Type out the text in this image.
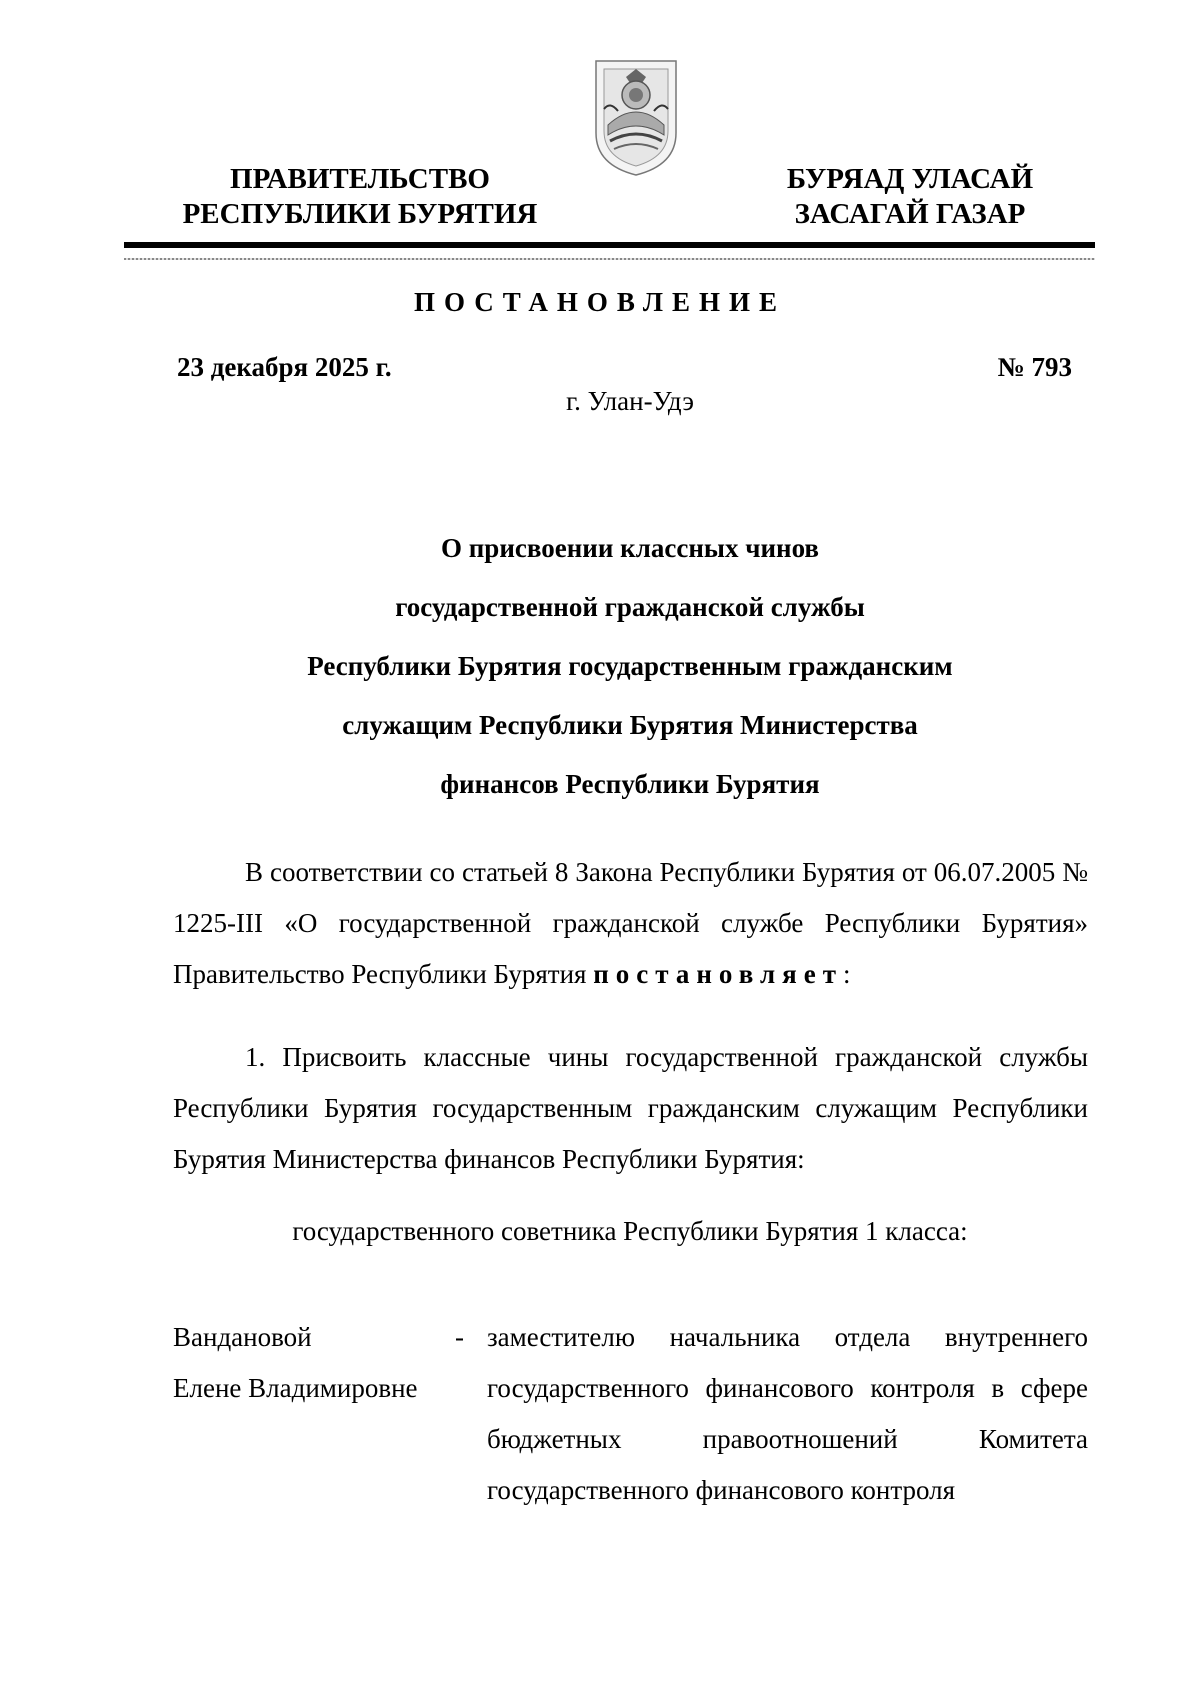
ПРАВИТЕЛЬСТВО
РЕСПУБЛИКИ БУРЯТИЯ
БУРЯАД УЛАСАЙ
ЗАСАГАЙ ГАЗАР
ПОСТАНОВЛЕНИЕ
23 декабря 2025 г.	№ 793
г. Улан-Удэ
О присвоении классных чинов
государственной гражданской службы
Республики Бурятия государственным гражданским
служащим Республики Бурятия Министерства
финансов Республики Бурятия
В соответствии со статьей 8 Закона Республики Бурятия от 06.07.2005 № 1225-III «О государственной гражданской службе Республики Бурятия» Правительство Республики Бурятия постановляет:
1. Присвоить классные чины государственной гражданской службы Республики Бурятия государственным гражданским служащим Республики Бурятия Министерства финансов Республики Бурятия:
государственного советника Республики Бурятия 1 класса:
Вандановой
Елене Владимировне
- заместителю начальника отдела внутреннего государственного финансового контроля в сфере бюджетных правоотношений Комитета государственного финансового контроля
